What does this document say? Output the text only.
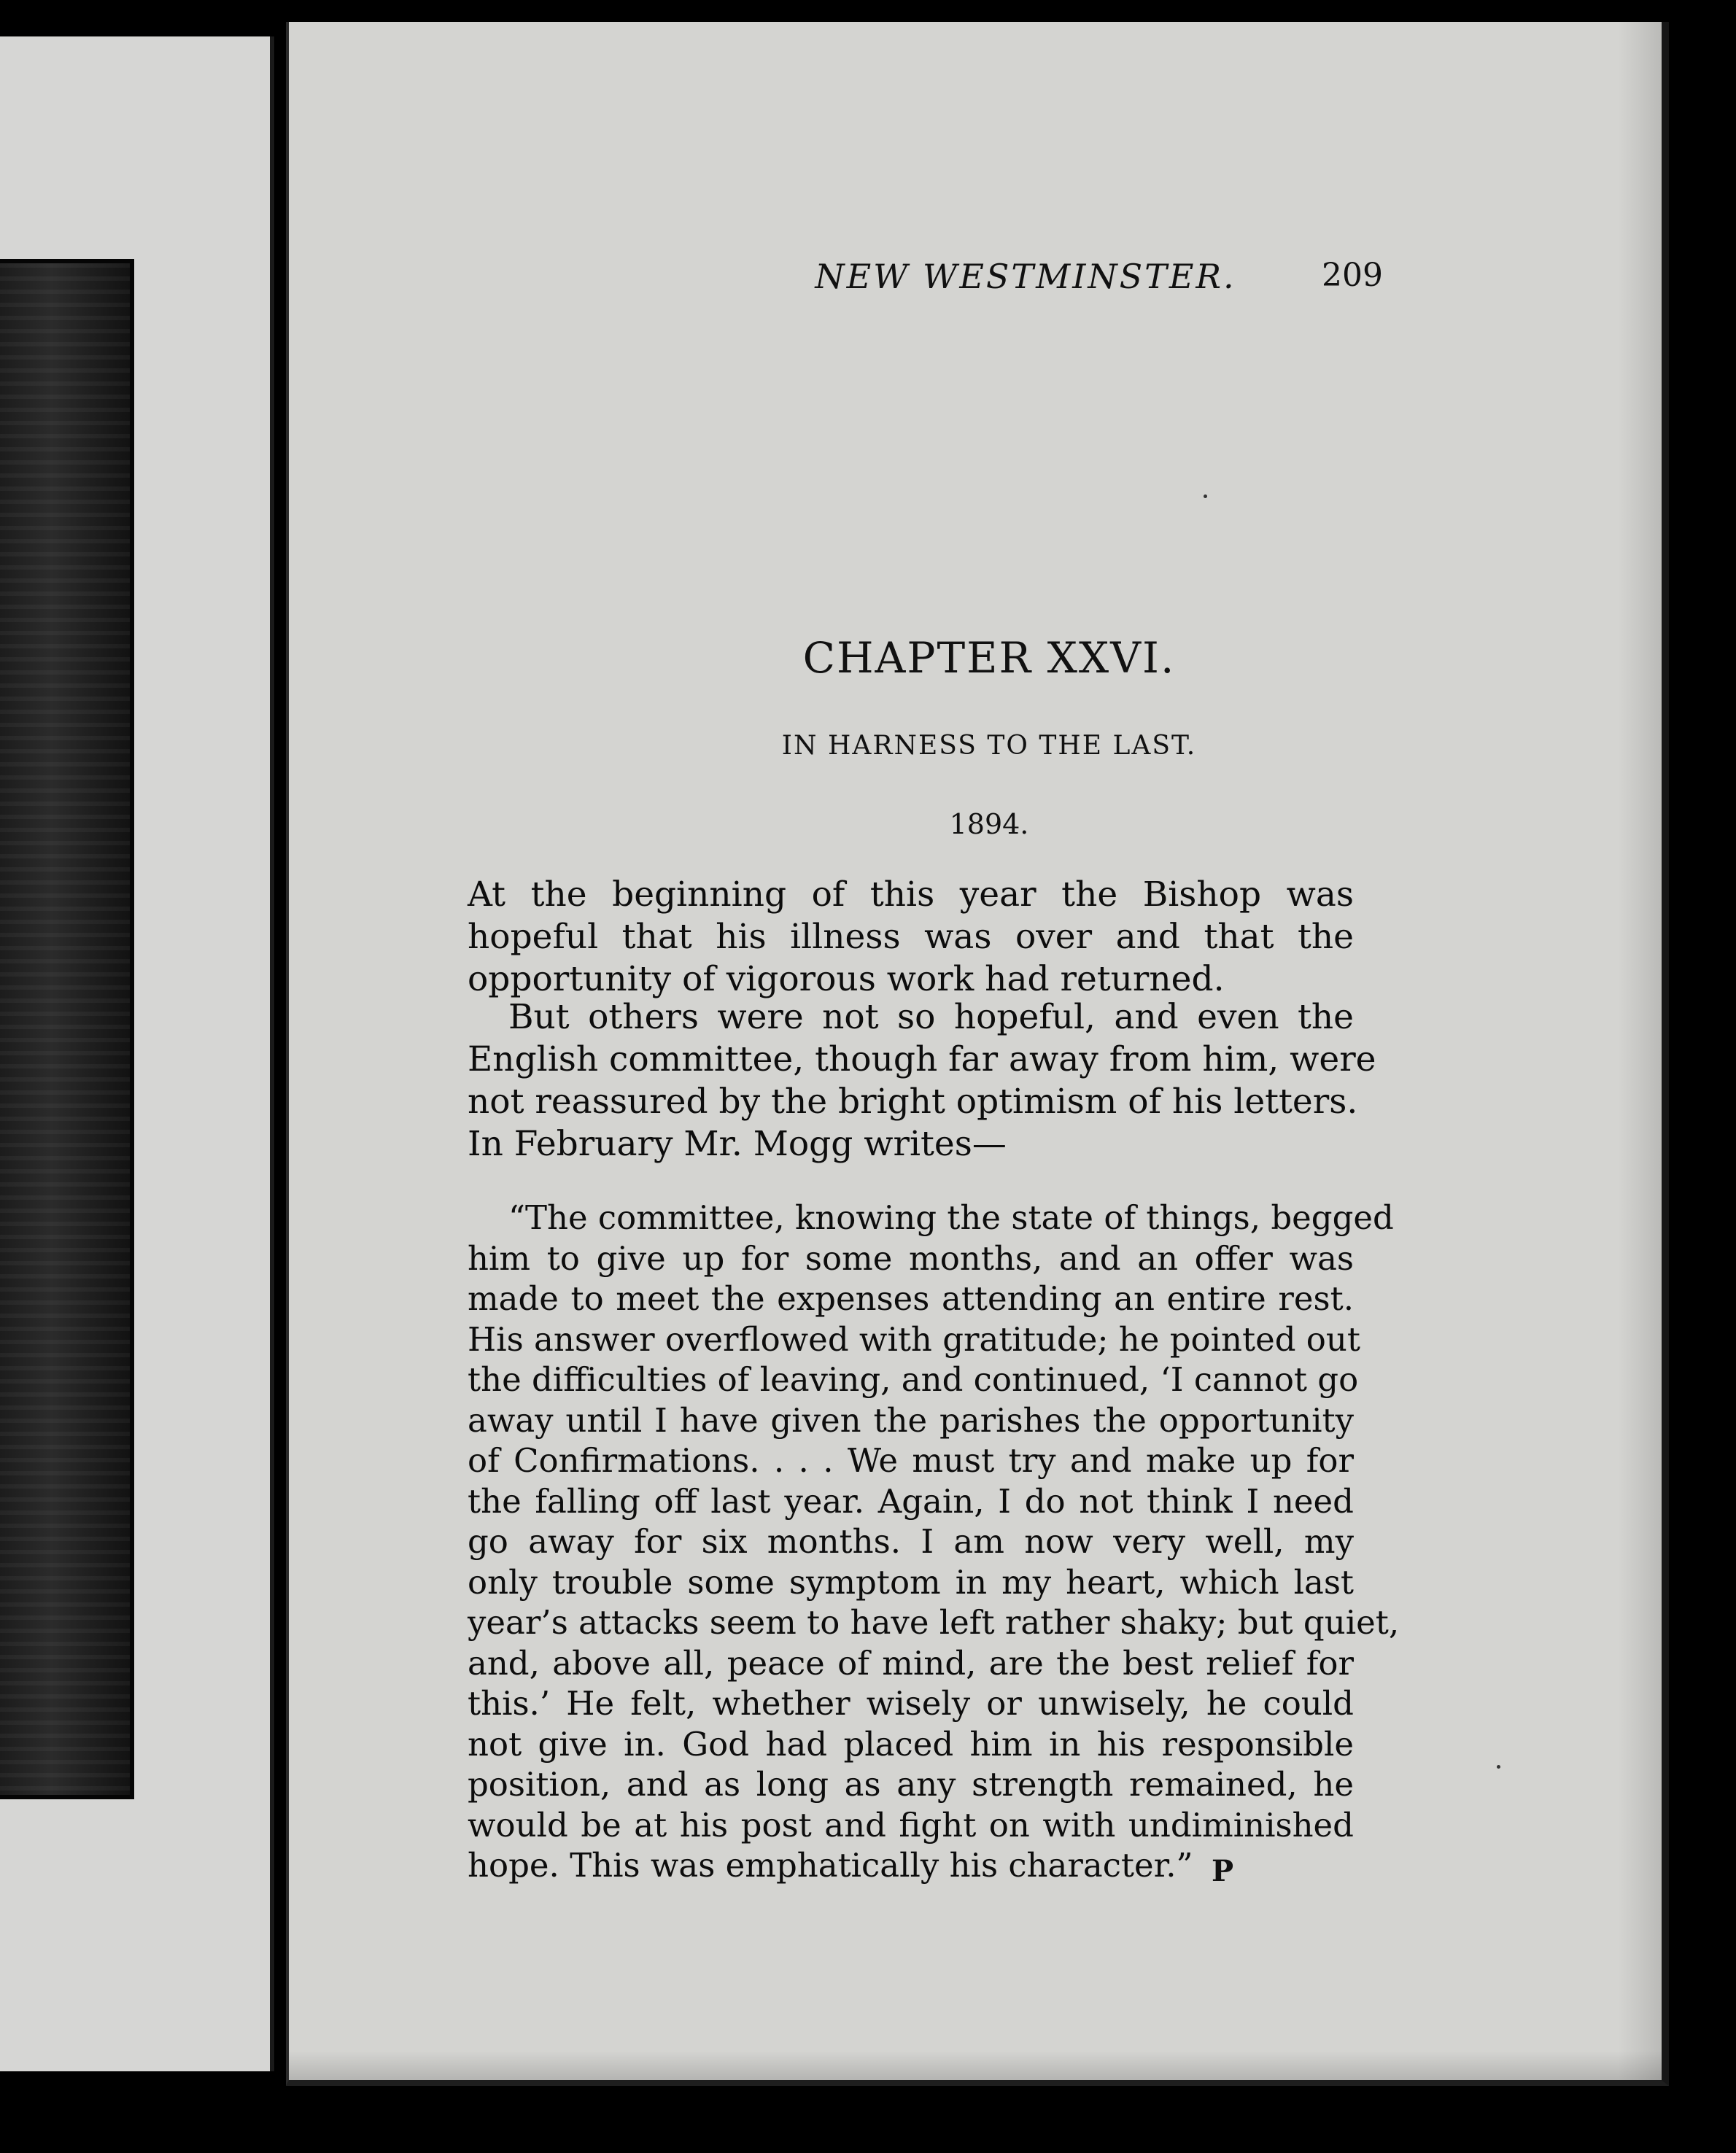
NEW WESTMINSTER.	209
CHAPTER XXVI.
IN HARNESS TO THE LAST.
1894.
At the beginning of this year the Bishop was
hopeful that his illness was over and that the
opportunity of vigorous work had returned.
But others were not so hopeful, and even the
English committee, though far away from him, were
not reassured by the bright optimism of his letters.
In February Mr. Mogg writes—
“The committee, knowing the state of things, begged
him to give up for some months, and an offer was
made to meet the expenses attending an entire rest.
His answer overflowed with gratitude; he pointed out
the difficulties of leaving, and continued, ‘I cannot go
away until I have given the parishes the opportunity
of Confirmations. . . . We must try and make up for
the falling off last year. Again, I do not think I need
go away for six months. I am now very well, my
only trouble some symptom in my heart, which last
year’s attacks seem to have left rather shaky; but quiet,
and, above all, peace of mind, are the best relief for
this.’ He felt, whether wisely or unwisely, he could
not give in. God had placed him in his responsible
position, and as long as any strength remained, he
would be at his post and fight on with undiminished
hope. This was emphatically his character.” P
